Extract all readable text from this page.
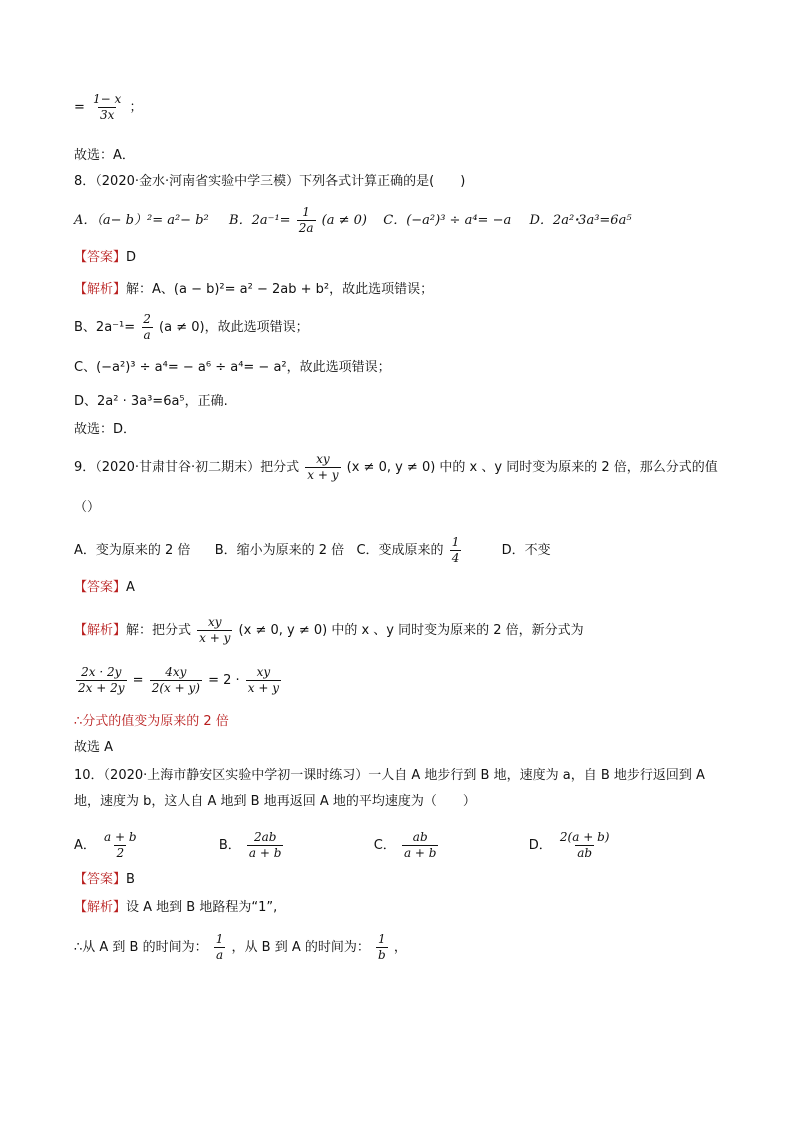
= $\frac{1- x}{3x}$ ；
故选：A．
8．（2020·金水·河南省实验中学三模）下列各式计算正确的是(　　)
A．（a− b）²= a²− b² B．$2a^{-1}= \frac{1}{2a} (a \ne 0)$ C．(−a²)³ ÷ a⁴= −a D．2a²ꞏ3a³=6a⁵
【答案】D
【解析】解：A、(a − b)²= a² − 2ab + b²，故此选项错误；
B、$2a^{-1}= \frac{2}{a} (a \ne 0)$，故此选项错误；
C、(−a²)³ ÷ a⁴= − a⁶ ÷ a⁴= − a²，故此选项错误；
D、2a² · 3a³=6a⁵，正确.
故选：D．
9．（2020·甘肃甘谷·初二期末）把分式 $\frac{xy}{x + y} (x \ne 0$, y ≠ 0) 中的 x 、y 同时变为原来的 2 倍，那么分式的值
（）
A．变为原来的 2 倍 B．缩小为原来的 2 倍 C．变成原来的 $\frac{1}{4}$	D．不变
【答案】A
【解析】解：把分式 $\frac{xy}{x + y} (x \ne 0$, y ≠ 0) 中的 x 、y 同时变为原来的 2 倍，新分式为
$\frac{2x \cdot 2y}{2x + 2y} = \frac{4xy}{2(x + y)} = 2 \cdot \frac{xy}{x + y}$
∴分式的值变为原来的 2 倍
故选 A
10．（2020·上海市静安区实验中学初一课时练习）一人自 A 地步行到 B 地，速度为 a，自 B 地步行返回到 A
地，速度为 b，这人自 A 地到 B 地再返回 A 地的平均速度为（　　）
A． $\frac{a + b}{2}$	B． $\frac{2ab}{a + b}$	C． $\frac{ab}{a + b}$	D． $\frac{2(a + b)}{ab}$
【答案】B
【解析】设 A 地到 B 地路程为“1”,
∴从 A 到 B 的时间为： $\frac{1}{a}$ ，从 B 到 A 的时间为： $\frac{1}{b}$ ，
